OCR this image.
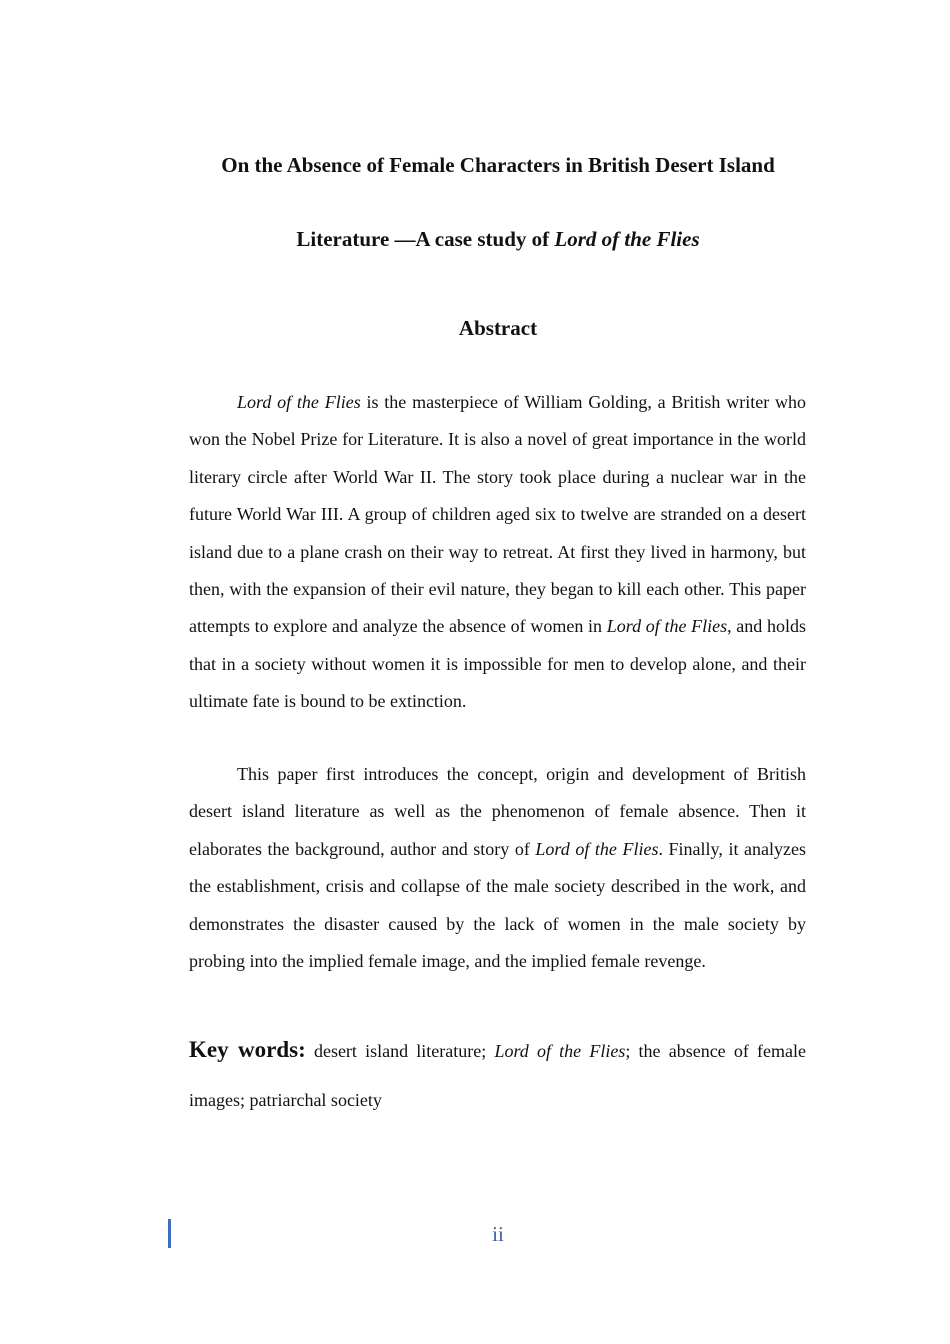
On the Absence of Female Characters in British Desert Island
Literature —A case study of Lord of the Flies
Abstract

Lord of the Flies is the masterpiece of William Golding, a British writer who won the Nobel Prize for Literature. It is also a novel of great importance in the world literary circle after World War II. The story took place during a nuclear war in the future World War III. A group of children aged six to twelve are stranded on a desert island due to a plane crash on their way to retreat. At first they lived in harmony, but then, with the expansion of their evil nature, they began to kill each other. This paper attempts to explore and analyze the absence of women in Lord of the Flies, and holds that in a society without women it is impossible for men to develop alone, and their ultimate fate is bound to be extinction.

This paper first introduces the concept, origin and development of British desert island literature as well as the phenomenon of female absence. Then it elaborates the background, author and story of Lord of the Flies. Finally, it analyzes the establishment, crisis and collapse of the male society described in the work, and demonstrates the disaster caused by the lack of women in the male society by probing into the implied female image, and the implied female revenge.

Key words: desert island literature; Lord of the Flies; the absence of female images; patriarchal society

ii
